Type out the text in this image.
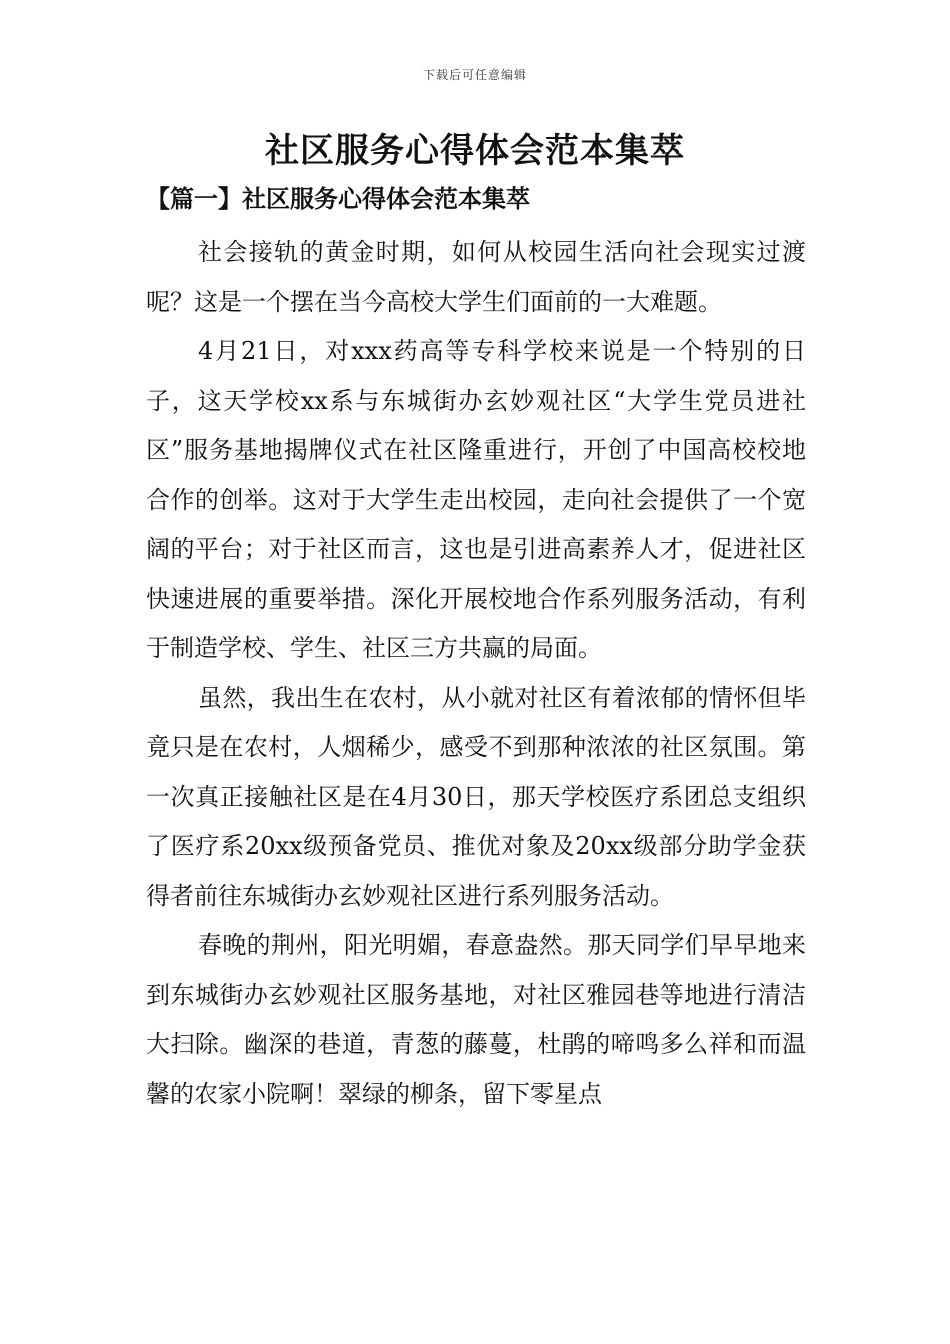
下载后可任意编辑
社区服务心得体会范本集萃
【篇一】社区服务心得体会范本集萃

社会接轨的黄金时期，如何从校园生活向社会现实过渡呢？这是一个摆在当今高校大学生们面前的一大难题。

4月21日，对xxx药高等专科学校来说是一个特别的日子，这天学校xx系与东城街办玄妙观社区“大学生党员进社区”服务基地揭牌仪式在社区隆重进行，开创了中国高校校地合作的创举。这对于大学生走出校园，走向社会提供了一个宽阔的平台；对于社区而言，这也是引进高素养人才，促进社区快速进展的重要举措。深化开展校地合作系列服务活动，有利于制造学校、学生、社区三方共赢的局面。

虽然，我出生在农村，从小就对社区有着浓郁的情怀但毕竟只是在农村，人烟稀少，感受不到那种浓浓的社区氛围。第一次真正接触社区是在4月30日，那天学校医疗系团总支组织了医疗系20xx级预备党员、推优对象及20xx级部分助学金获得者前往东城街办玄妙观社区进行系列服务活动。

春晚的荆州，阳光明媚，春意盎然。那天同学们早早地来到东城街办玄妙观社区服务基地，对社区雅园巷等地进行清洁大扫除。幽深的巷道，青葱的藤蔓，杜鹃的啼鸣多么祥和而温馨的农家小院啊！翠绿的柳条，留下零星点
